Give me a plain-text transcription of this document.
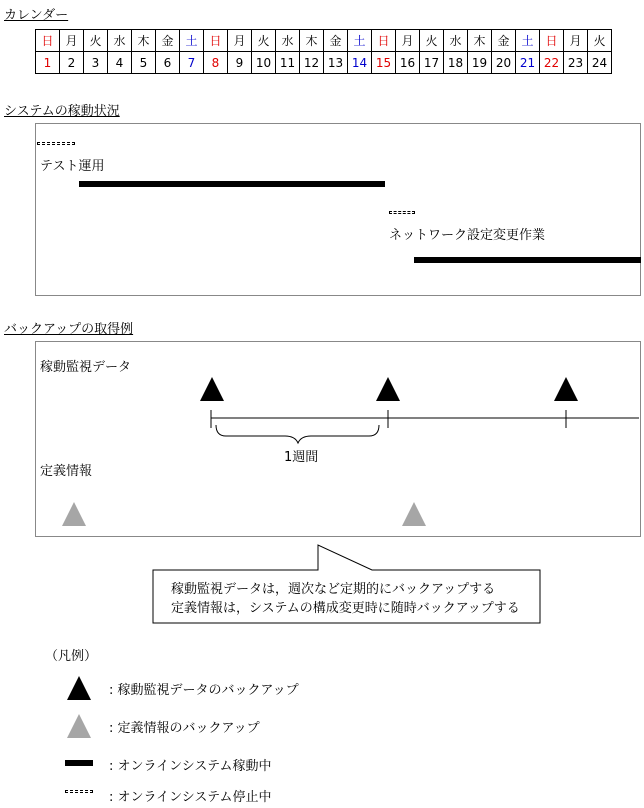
カレンダー
日	月	火	水	木	金	土	日	月	火	水	木	金	土	日	月	火	水	木	金	土	日	月	火
1	2	3	4	5	6	7	8	9	10	11	12	13	14	15	16	17	18	19	20	21	22	23	24
システムの稼動状況
テスト運用
ネットワーク設定変更作業
バックアップの取得例
稼動監視データ
1週間
定義情報
稼動監視データは，週次など定期的にバックアップする
定義情報は，システムの構成変更時に随時バックアップする
（凡例）
: 稼動監視データのバックアップ
: 定義情報のバックアップ
: オンラインシステム稼動中
: オンラインシステム停止中
